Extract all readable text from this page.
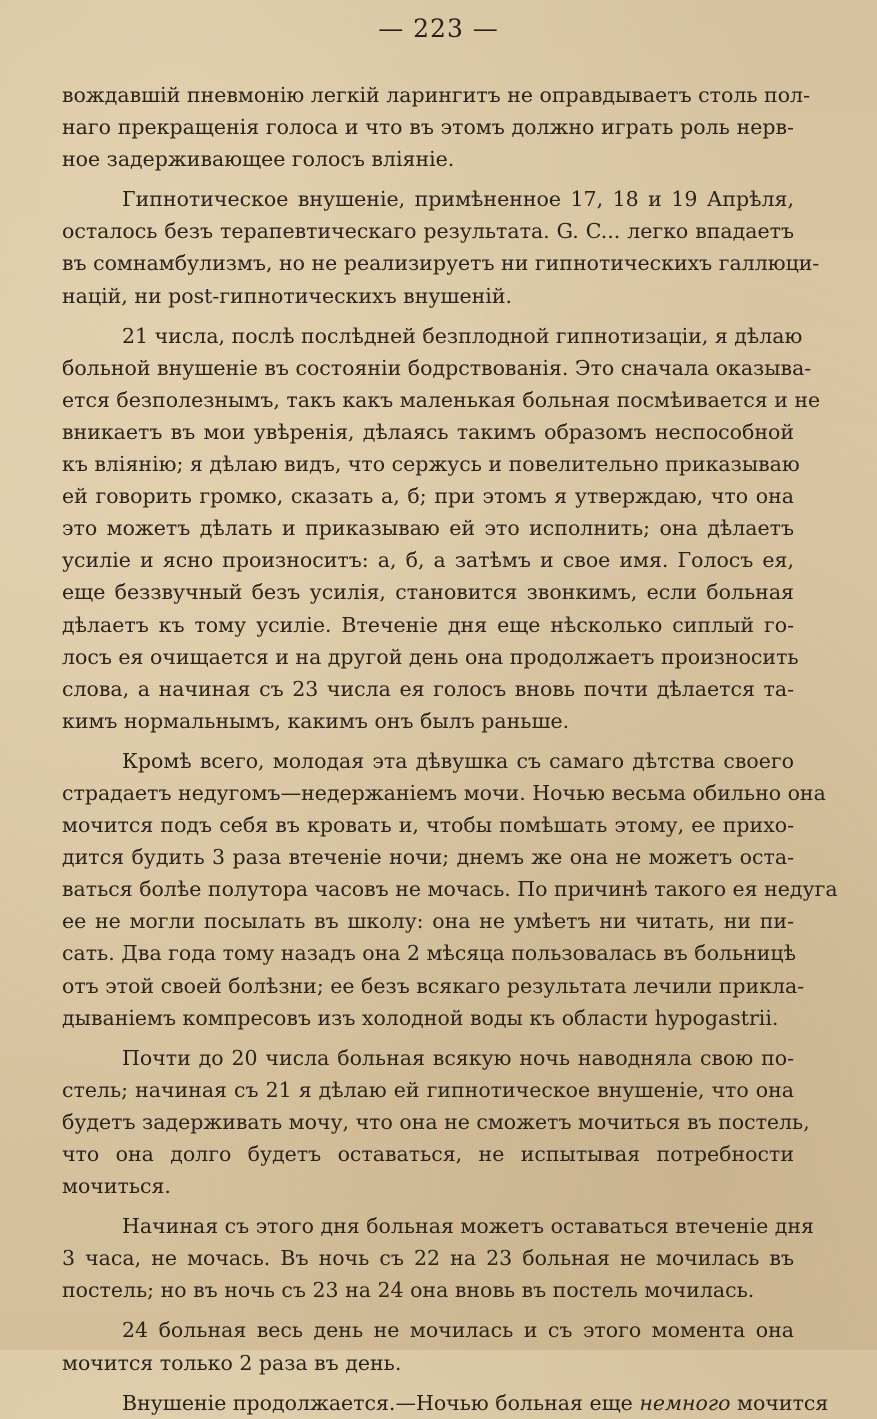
— 223 —
вождавшій пневмонію легкій ларингитъ не оправдываетъ столь пол-
наго прекращенія голоса и что въ этомъ должно играть роль нерв-
ное задерживающее голосъ вліяніе.
Гипнотическое внушеніе, примѣненное 17, 18 и 19 Апрѣля,
осталось безъ терапевтическаго результата. G. C... легко впадаетъ
въ сомнамбулизмъ, но не реализируетъ ни гипнотическихъ галлюци-
націй, ни post-гипнотическихъ внушеній.
21 числа, послѣ послѣдней безплодной гипнотизаціи, я дѣлаю
больной внушеніе въ состояніи бодрствованія. Это сначала оказыва-
ется безполезнымъ, такъ какъ маленькая больная посмѣивается и не
вникаетъ въ мои увѣренія, дѣлаясь такимъ образомъ неспособной
къ вліянію; я дѣлаю видъ, что сержусь и повелительно приказываю
ей говорить громко, сказать а, б; при этомъ я утверждаю, что она
это можетъ дѣлать и приказываю ей это исполнить; она дѣлаетъ
усиліе и ясно произноситъ: а, б, а затѣмъ и свое имя. Голосъ ея,
еще беззвучный безъ усилія, становится звонкимъ, если больная
дѣлаетъ къ тому усиліе. Втеченіе дня еще нѣсколько сиплый го-
лосъ ея очищается и на другой день она продолжаетъ произносить
слова, а начиная съ 23 числа ея голосъ вновь почти дѣлается та-
кимъ нормальнымъ, какимъ онъ былъ раньше.
Кромѣ всего, молодая эта дѣвушка съ самаго дѣтства своего
страдаетъ недугомъ—недержаніемъ мочи. Ночью весьма обильно она
мочится подъ себя въ кровать и, чтобы помѣшать этому, ее прихо-
дится будить 3 раза втеченіе ночи; днемъ же она не можетъ оста-
ваться болѣе полутора часовъ не мочась. По причинѣ такого ея недуга
ее не могли посылать въ школу: она не умѣетъ ни читать, ни пи-
сать. Два года тому назадъ она 2 мѣсяца пользовалась въ больницѣ
отъ этой своей болѣзни; ее безъ всякаго результата лечили прикла-
дываніемъ компресовъ изъ холодной воды къ области hypogastrii.
Почти до 20 числа больная всякую ночь наводняла свою по-
стель; начиная съ 21 я дѣлаю ей гипнотическое внушеніе, что она
будетъ задерживать мочу, что она не сможетъ мочиться въ постель,
что она долго будетъ оставаться, не испытывая потребности
мочиться.
Начиная съ этого дня больная можетъ оставаться втеченіе дня
3 часа, не мочась. Въ ночь съ 22 на 23 больная не мочилась въ
постель; но въ ночь съ 23 на 24 она вновь въ постель мочилась.
24 больная весь день не мочилась и съ этого момента она
мочится только 2 раза въ день.
Внушеніе продолжается.—Ночью больная еще немного мочится
